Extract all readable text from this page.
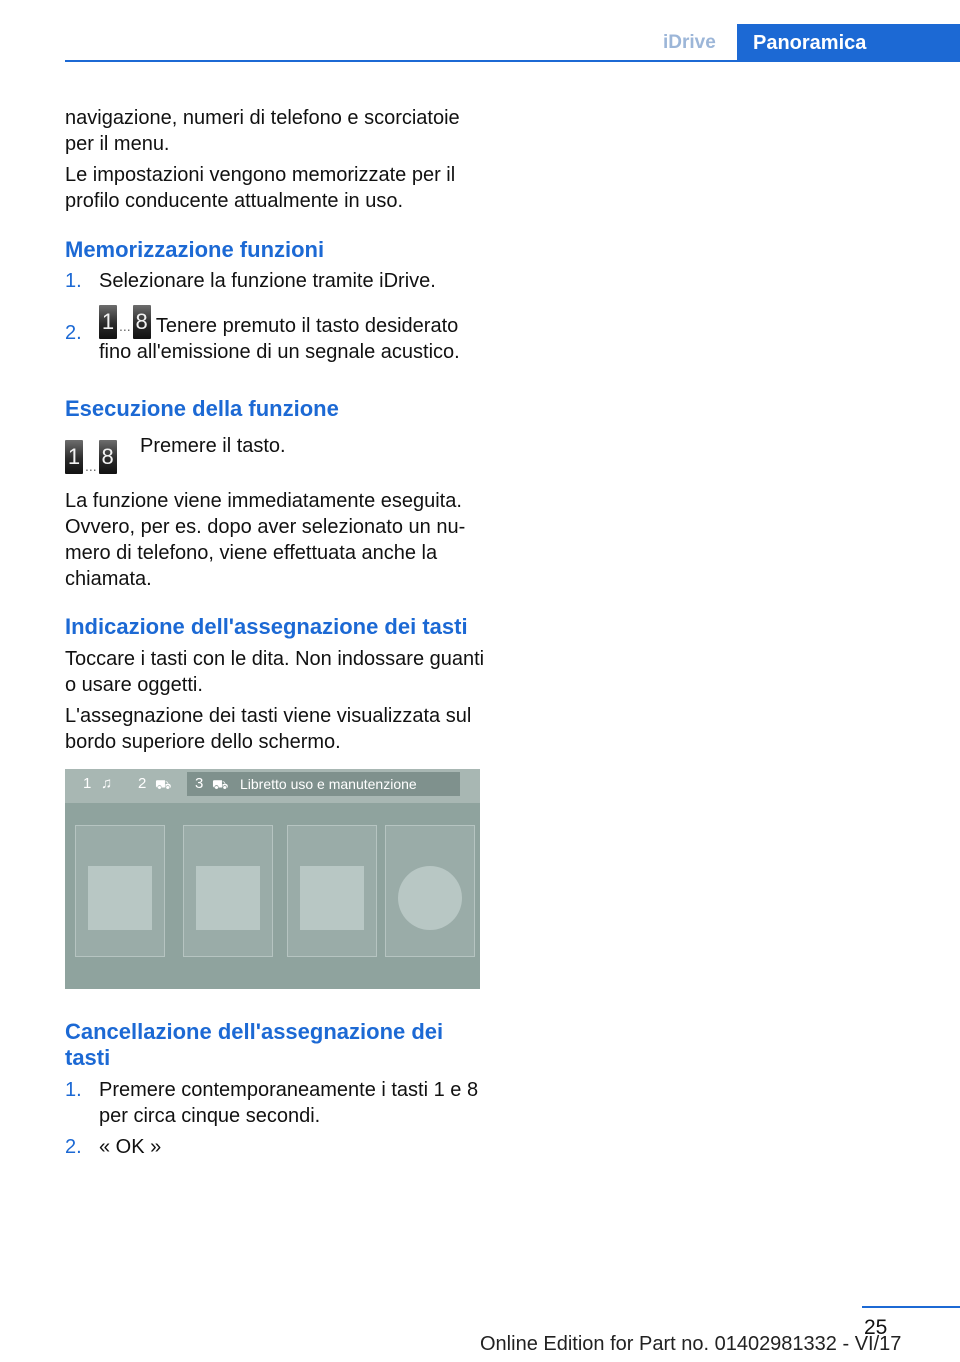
iDrive	Panoramica
navigazione, numeri di telefono e scorciatoie per il menu.
Le impostazioni vengono memorizzate per il profilo conducente attualmente in uso.
Memorizzazione funzioni
1. Selezionare la funzione tramite iDrive.
2. 1 ... 8 Tenere premuto il tasto desiderato fino all'emissione di un segnale acustico.
Esecuzione della funzione
1 ... 8 Premere il tasto.
La funzione viene immediatamente eseguita. Ovvero, per es. dopo aver selezionato un nu-mero di telefono, viene effettuata anche la chiamata.
Indicazione dell'assegnazione dei tasti
Toccare i tasti con le dita. Non indossare guanti o usare oggetti.
L'assegnazione dei tasti viene visualizzata sul bordo superiore dello schermo.
1 ♫ 2 ⛟ 3 ⛟ Libretto uso e manutenzione
Cancellazione dell'assegnazione dei tasti
1. Premere contemporaneamente i tasti 1 e 8 per circa cinque secondi.
2. « OK »
25
Online Edition for Part no. 01402981332 - VI/17
